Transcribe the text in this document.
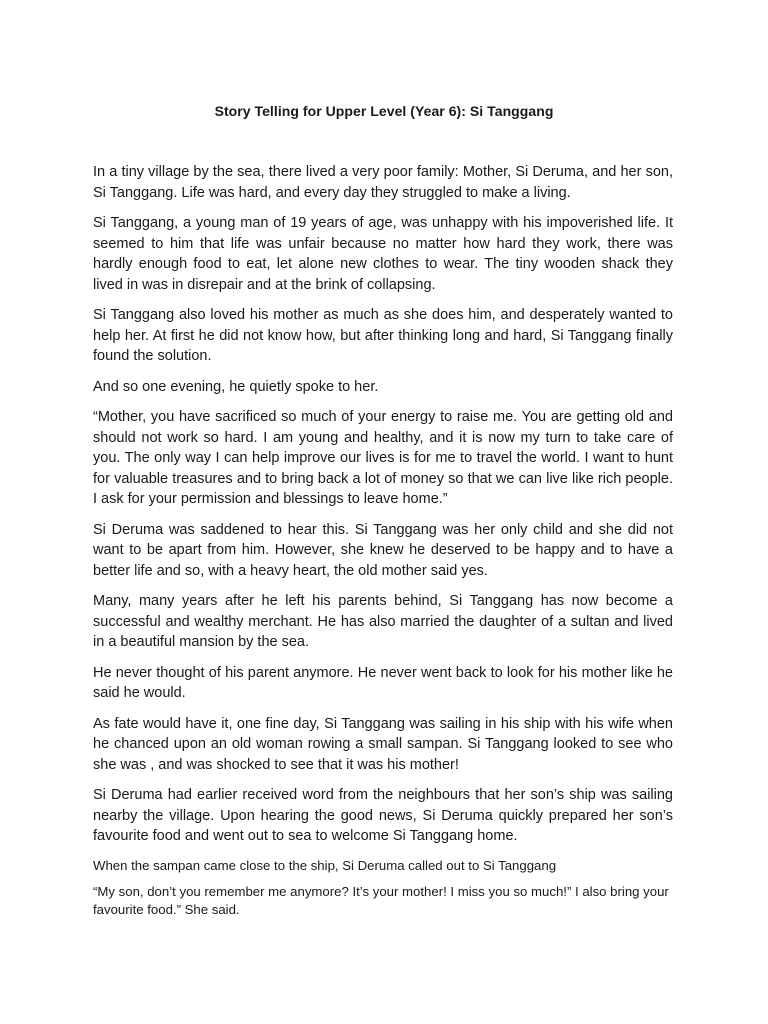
Story Telling for Upper Level (Year 6): Si Tanggang

In a tiny village by the sea, there lived a very poor family: Mother, Si Deruma, and her son, Si Tanggang. Life was hard, and every day they struggled to make a living.

Si Tanggang, a young man of 19 years of age, was unhappy with his impoverished life. It seemed to him that life was unfair because no matter how hard they work, there was hardly enough food to eat, let alone new clothes to wear. The tiny wooden shack they lived in was in disrepair and at the brink of collapsing.

Si Tanggang also loved his mother as much as she does him, and desperately wanted to help her. At first he did not know how, but after thinking long and hard, Si Tanggang finally found the solution.

And so one evening, he quietly spoke to her.

“Mother, you have sacrificed so much of your energy to raise me. You are getting old and should not work so hard. I am young and healthy, and it is now my turn to take care of you. The only way I can help improve our lives is for me to travel the world. I want to hunt for valuable treasures and to bring back a lot of money so that we can live like rich people. I ask for your permission and blessings to leave home.”

Si Deruma was saddened to hear this. Si Tanggang was her only child and she did not want to be apart from him. However, she knew he deserved to be happy and to have a better life and so, with a heavy heart, the old mother said yes.

Many, many years after he left his parents behind, Si Tanggang has now become a successful and wealthy merchant. He has also married the daughter of a sultan and lived in a beautiful mansion by the sea.

He never thought of his parent anymore. He never went back to look for his mother like he said he would.

As fate would have it, one fine day, Si Tanggang was sailing in his ship with his wife when he chanced upon an old woman rowing a small sampan. Si Tanggang looked to see who she was , and was shocked to see that it was his mother!

Si Deruma had earlier received word from the neighbours that her son’s ship was sailing nearby the village. Upon hearing the good news, Si Deruma quickly prepared her son’s favourite food and went out to sea to welcome Si Tanggang home.

When the sampan came close to the ship, Si Deruma called out to Si Tanggang

“My son, don’t you remember me anymore? It’s your mother! I miss you so much!” I also bring your favourite food.” She said.
